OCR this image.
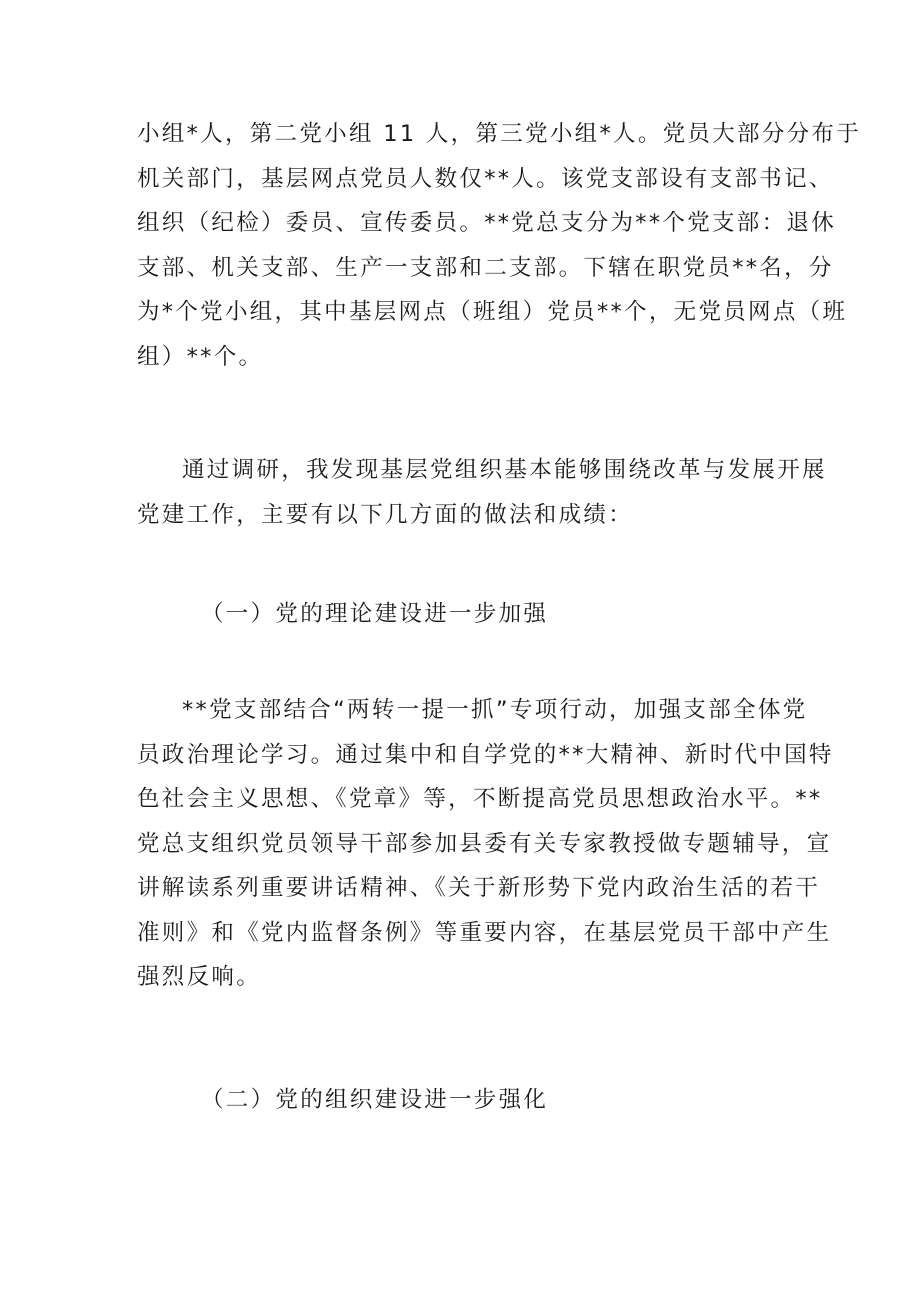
小组*人，第二党小组 11 人，第三党小组*人。党员大部分分布于
机关部门，基层网点党员人数仅**人。该党支部设有支部书记、
组织（纪检）委员、宣传委员。**党总支分为**个党支部：退休
支部、机关支部、生产一支部和二支部。下辖在职党员**名，分
为*个党小组，其中基层网点（班组）党员**个，无党员网点（班
组）**个。
通过调研，我发现基层党组织基本能够围绕改革与发展开展
党建工作，主要有以下几方面的做法和成绩：
（一）党的理论建设进一步加强
**党支部结合“两转一提一抓”专项行动，加强支部全体党
员政治理论学习。通过集中和自学党的**大精神、新时代中国特
色社会主义思想、《党章》等，不断提高党员思想政治水平。**
党总支组织党员领导干部参加县委有关专家教授做专题辅导，宣
讲解读系列重要讲话精神、《关于新形势下党内政治生活的若干
准则》和《党内监督条例》等重要内容，在基层党员干部中产生
强烈反响。
（二）党的组织建设进一步强化
